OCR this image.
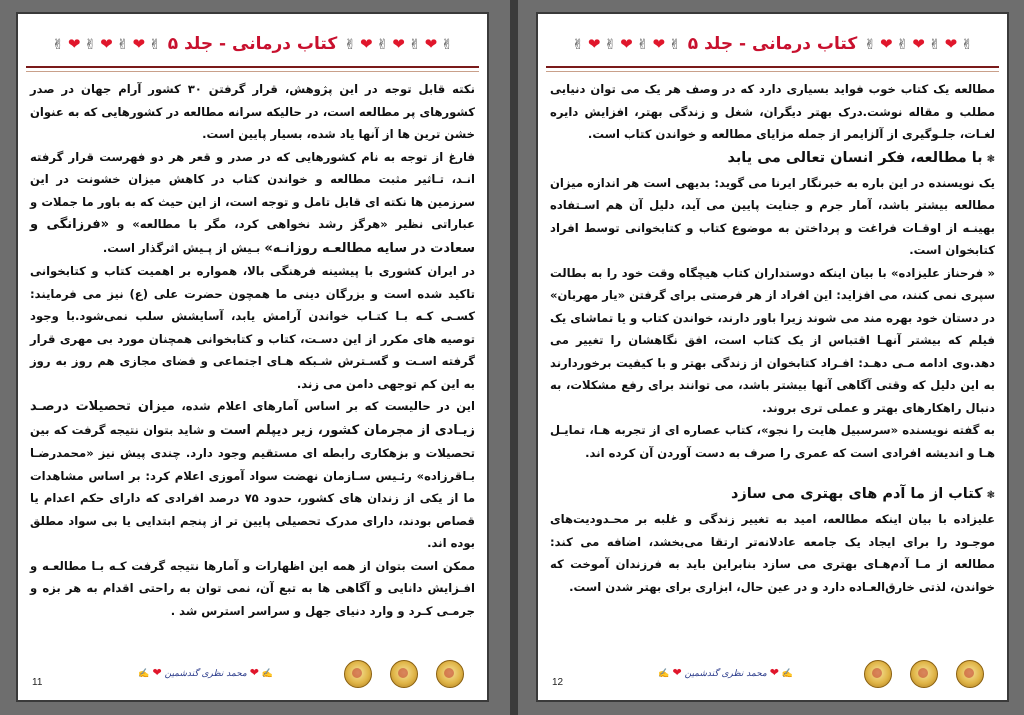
✌❤✌❤✌❤✌کتاب درمانی - جلد ۵✌❤✌❤✌❤✌

نکته قابل توجه در این پژوهش، قرار گرفتن ۳۰ کشور آرام جهان در صدر کشورهای پر مطالعه است، در حالیکه سرانه مطالعه در کشورهایی که به عنوان خشن ترین ها از آنها یاد شده، بسیار پایین است.

فارغ از توجه به نام کشورهایی که در صدر و قعر هر دو فهرست قرار گرفته انـد، تـاثیر مثبت مطالعه و خواندن کتاب در کاهش میزان خشونت در این سرزمین ها نکته ای قابل تامل و توجه است، از این حیث که به باور ما جملات و عباراتی نظیر «هرگز رشد نخواهی کرد، مگر با مطالعه» و «فرزانگی و سعادت در سایه مطالعـه روزانـه» بـیش از پـیش اثرگذار است.

در ایران کشوری با پیشینه فرهنگی بالا، همواره بر اهمیت کتاب و کتابخوانی تاکید شده است و بزرگان دینی ما همچون حضرت علی (ع) نیز می فرمایند: کسـی کـه بـا کتـاب خواندن آرامش یابد، آسایشش سلب نمی‌شود.با وجود توصیه های مکرر از این دسـت، کتاب و کتابخوانی همچنان مورد بی مهری قرار گرفته اسـت و گسـترش شـبکه هـای اجتماعی و فضای مجازی هم روز به روز به این کم توجهی دامن می زند.

این در حالیست که بر اساس آمارهای اعلام شده، میزان تحصیلات درصـد زیـادی از مجرمان کشور، زیر دیپلم است و شاید بتوان نتیجه گرفت که بین تحصیلات و بزهکاری رابطه ای مستقیم وجود دارد. چندی پیش نیز «محمدرضـا بـاقرزاده» رئـیس سـازمان نهضت سواد آموزی اعلام کرد: بر اساس مشاهدات ما از یکی از زندان های کشور، حدود ۷۵ درصد افرادی که دارای حکم اعدام یا قصاص بودند، دارای مدرک تحصیلی پایین تر از پنجم ابتدایی یا بی سواد مطلق بوده اند.

ممکن است بتوان از همه این اظهارات و آمارها نتیجه گرفت کـه بـا مطالعـه و افـزایش دانایی و آگاهی ها به تبع آن، نمی توان به راحتی اقدام به هر بزه و جرمـی کـرد و وارد دنیای جهل و سراسر استرس شد .

11
✍ ❤ محمد نظری گندشمین ❤ ✍
✌❤✌❤✌❤✌کتاب درمانی - جلد ۵✌❤✌❤✌❤✌

مطالعه یک کتاب خوب فواید بسیاری دارد که در وصف هر یک می توان دنیایی مطلب و مقاله نوشت.درک بهتر دیگران، شغل و زندگی بهتر، افزایش دایره لغـات، جلـوگیری از آلزایمر از جمله مزایای مطالعه و خواندن کتاب است.

❃با مطالعه، فکر انسان تعالی می یابد

یک نویسنده در این باره به خبرنگار ایرنا می گوید: بدیهی است هر اندازه میزان مطالعه بیشتر باشد، آمار جرم و جنایت پایین می آید، دلیل آن هم اسـتفاده بهینـه از اوقـات فراغت و پرداختن به موضوع کتاب و کتابخوانی توسط افراد کتابخوان است.

« فرحناز علیزاده» با بیان اینکه دوستداران کتاب هیچگاه وقت خود را به بطالت سپری نمی کنند، می افزاید: این افراد از هر فرصتی برای گرفتن «یار مهربان» در دستان خود بهره مند می شوند زیرا باور دارند، خواندن کتاب و یا تماشای یک فیلم که بیشتر آنهـا اقتباس از یک کتاب است، افق نگاهشان را تغییر می دهد.وی ادامه مـی دهـد: افـراد کتابخوان از زندگی بهتر و با کیفیت برخوردارند به این دلیل که وقتی آگاهی آنها بیشتر باشد، می توانند برای رفع مشکلات، به دنبال راهکارهای بهتر و عملی تری بروند.

به گفته نویسنده «سرسبیل هایت را نجو»، کتاب عصاره ای از تجربه هـا، تمایـل هـا و اندیشه افرادی است که عمری را صرف به دست آوردن آن کرده اند.

❃کتاب از ما آدم های بهتری می سازد

علیزاده با بیان اینکه مطالعه، امید به تغییر زندگی و غلبه بر محـدودیت‌های موجـود را برای ایجاد یک جامعه عادلانه‌تر ارتقا می‌بخشد، اضافه می کند: مطالعه از مـا آدم‌هـای بهتری می سازد بنابراین باید به فرزندان آموخت که خواندن، لذتی خارق‌العـاده دارد و در عین حال، ابزاری برای بهتر شدن است.

12
✍ ❤ محمد نظری گندشمین ❤ ✍
